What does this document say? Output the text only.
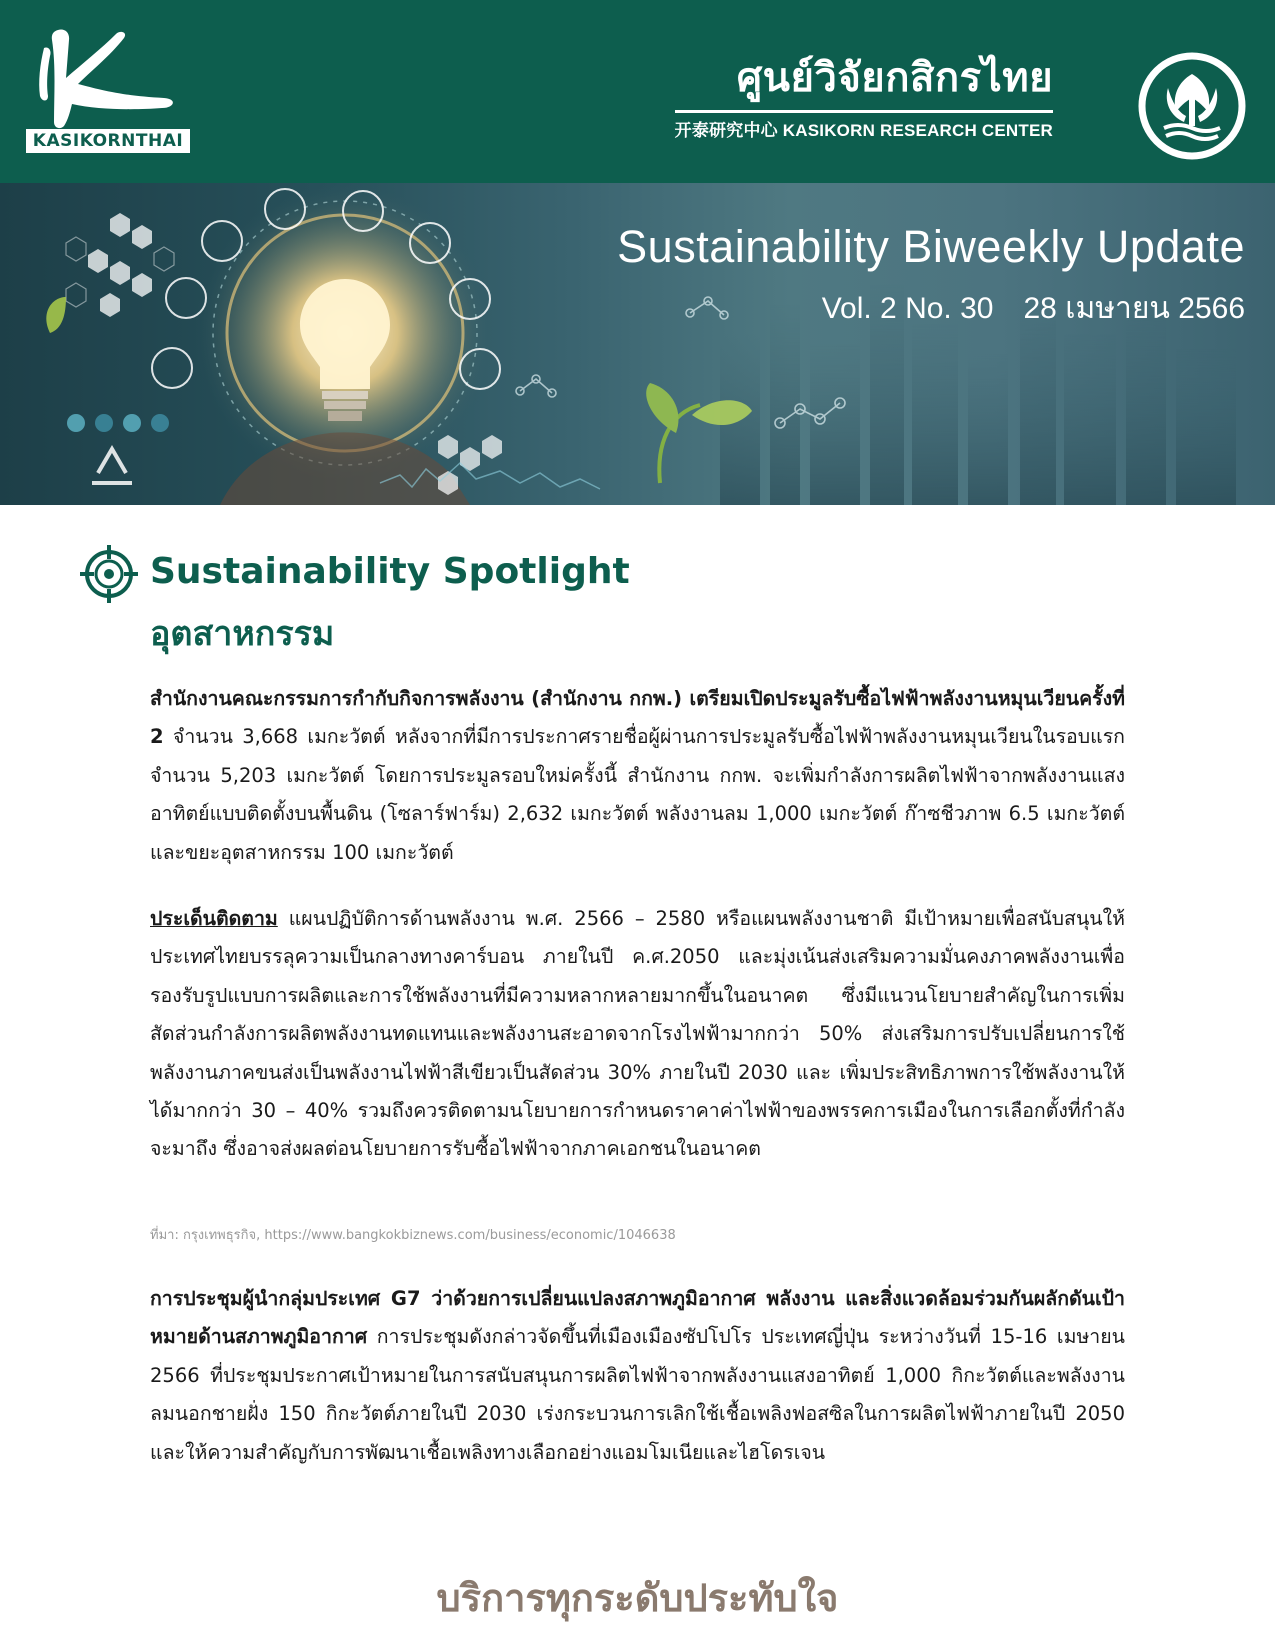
KASIKORNTHAI
ศูนย์วิจัยกสิกรไทย
开泰研究中心 KASIKORN RESEARCH CENTER
Sustainability Biweekly Update
Vol. 2 No. 30 28 เมษายน 2566
Sustainability Spotlight
อุตสาหกรรม
สำนักงานคณะกรรมการกำกับกิจการพลังงาน (สำนักงาน กกพ.) เตรียมเปิดประมูลรับซื้อไฟฟ้าพลังงานหมุนเวียนครั้งที่ 2 จำนวน 3,668 เมกะวัตต์ หลังจากที่มีการประกาศรายชื่อผู้ผ่านการประมูลรับซื้อไฟฟ้าพลังงานหมุนเวียนในรอบแรกจำนวน 5,203 เมกะวัตต์ โดยการประมูลรอบใหม่ครั้งนี้ สำนักงาน กกพ. จะเพิ่มกำลังการผลิตไฟฟ้าจากพลังงานแสงอาทิตย์แบบติดตั้งบนพื้นดิน (โซลาร์ฟาร์ม) 2,632 เมกะวัตต์ พลังงานลม 1,000 เมกะวัตต์ ก๊าซชีวภาพ 6.5 เมกะวัตต์ และขยะอุตสาหกรรม 100 เมกะวัตต์
ประเด็นติดตาม แผนปฏิบัติการด้านพลังงาน พ.ศ. 2566 – 2580 หรือแผนพลังงานชาติ มีเป้าหมายเพื่อสนับสนุนให้ประเทศไทยบรรลุความเป็นกลางทางคาร์บอน ภายในปี ค.ศ.2050 และมุ่งเน้นส่งเสริมความมั่นคงภาคพลังงานเพื่อรองรับรูปแบบการผลิตและการใช้พลังงานที่มีความหลากหลายมากขึ้นในอนาคต ซึ่งมีแนวนโยบายสำคัญในการเพิ่มสัดส่วนกำลังการผลิตพลังงานทดแทนและพลังงานสะอาดจากโรงไฟฟ้ามากกว่า 50% ส่งเสริมการปรับเปลี่ยนการใช้พลังงานภาคขนส่งเป็นพลังงานไฟฟ้าสีเขียวเป็นสัดส่วน 30% ภายในปี 2030 และ เพิ่มประสิทธิภาพการใช้พลังงานให้ได้มากกว่า 30 – 40% รวมถึงควรติดตามนโยบายการกำหนดราคาค่าไฟฟ้าของพรรคการเมืองในการเลือกตั้งที่กำลังจะมาถึง ซึ่งอาจส่งผลต่อนโยบายการรับซื้อไฟฟ้าจากภาคเอกชนในอนาคต
ที่มา: กรุงเทพธุรกิจ, https://www.bangkokbiznews.com/business/economic/1046638
การประชุมผู้นำกลุ่มประเทศ G7 ว่าด้วยการเปลี่ยนแปลงสภาพภูมิอากาศ พลังงาน และสิ่งแวดล้อมร่วมกันผลักดันเป้าหมายด้านสภาพภูมิอากาศ การประชุมดังกล่าวจัดขึ้นที่เมืองเมืองซัปโปโร ประเทศญี่ปุ่น ระหว่างวันที่ 15-16 เมษายน 2566 ที่ประชุมประกาศเป้าหมายในการสนับสนุนการผลิตไฟฟ้าจากพลังงานแสงอาทิตย์ 1,000 กิกะวัตต์และพลังงานลมนอกชายฝั่ง 150 กิกะวัตต์ภายในปี 2030 เร่งกระบวนการเลิกใช้เชื้อเพลิงฟอสซิลในการผลิตไฟฟ้าภายในปี 2050 และให้ความสำคัญกับการพัฒนาเชื้อเพลิงทางเลือกอย่างแอมโมเนียและไฮโดรเจน
บริการทุกระดับประทับใจ
